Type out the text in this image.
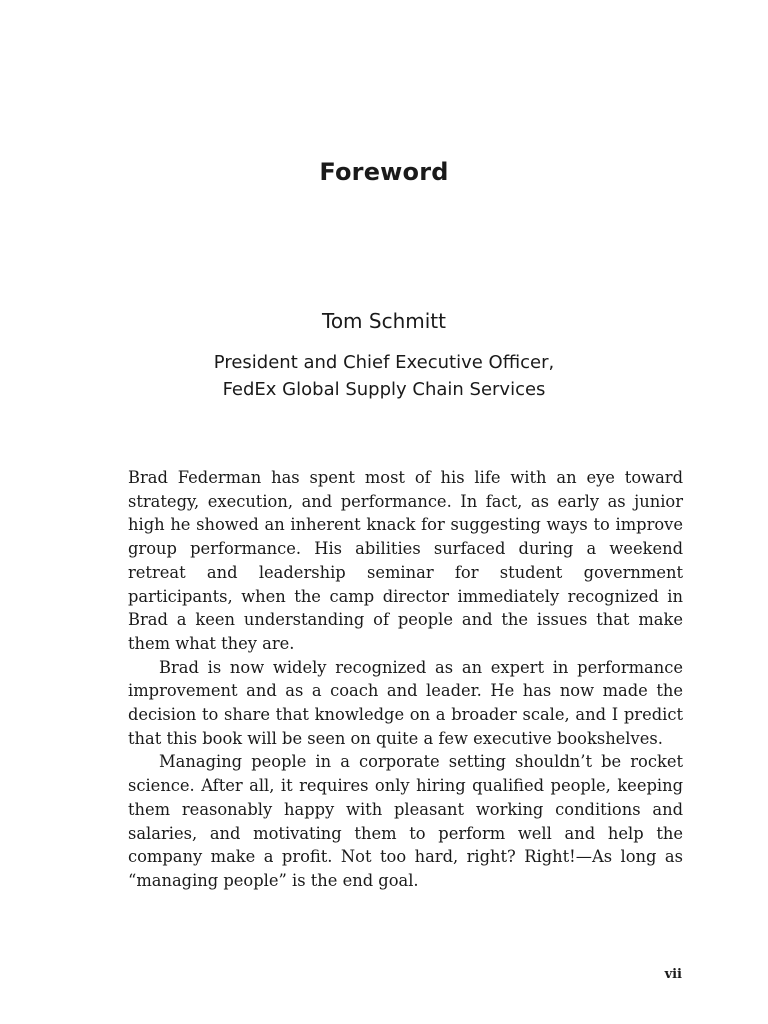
Foreword

Tom Schmitt

President and Chief Executive Officer,
FedEx Global Supply Chain Services

Brad Federman has spent most of his life with an eye toward strategy, execution, and performance. In fact, as early as junior high he showed an inherent knack for suggesting ways to improve group performance. His abilities surfaced during a weekend retreat and leadership seminar for student government participants, when the camp director immediately recognized in Brad a keen understanding of people and the issues that make them what they are.

Brad is now widely recognized as an expert in performance improvement and as a coach and leader. He has now made the decision to share that knowledge on a broader scale, and I predict that this book will be seen on quite a few executive bookshelves.

Managing people in a corporate setting shouldn’t be rocket science. After all, it requires only hiring qualified people, keeping them reasonably happy with pleasant working conditions and salaries, and motivating them to perform well and help the company make a profit. Not too hard, right? Right!—As long as “managing people” is the end goal.

vii
